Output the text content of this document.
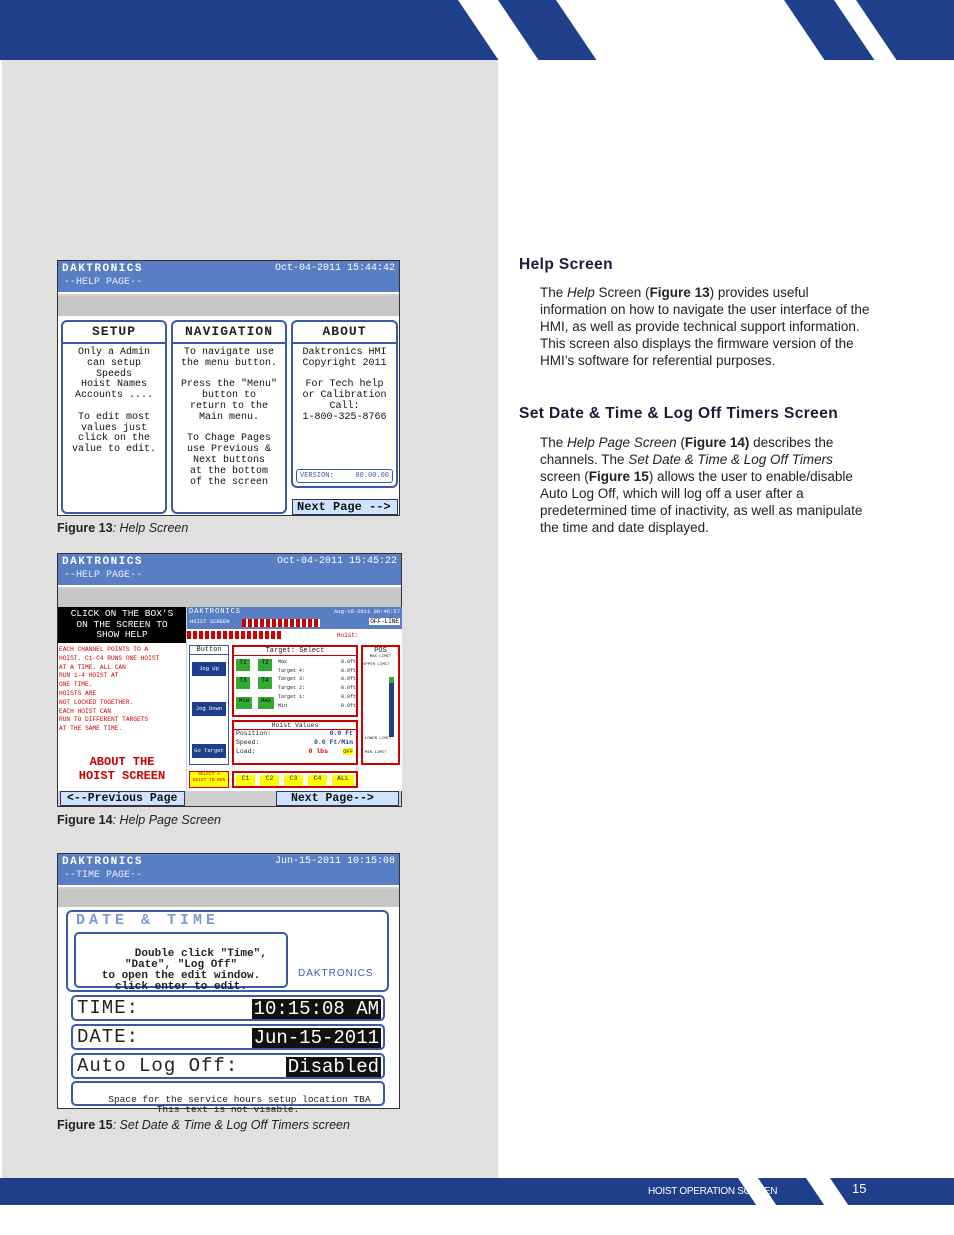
DAKTRONICS
--HELP PAGE--
Oct-04-2011 15:44:42
SETUP
Only a Admin
can setup
Speeds
Hoist Names
Accounts ....

To edit most
values just
click on the
value to edit.
NAVIGATION
To navigate use
the menu button.

Press the "Menu"
button to
return to the
Main menu.

To Chage Pages
use Previous &
Next buttons
at the bottom
of the screen
ABOUT
Daktronics HMI
Copyright 2011

For Tech help
or Calibration
Call:
1-800-325-8766
VERSION:	00.00.00
Next Page -->
Figure 13: Help Screen
DAKTRONICS
--HELP PAGE--
Oct-04-2011 15:45:22
CLICK ON THE BOX'S
ON THE SCREEN TO
SHOW HELP
EACH CHANNEL POINTS TO A
HOIST. C1-C4 RUNS ONE HOIST
AT A TIME. ALL CAN
RUN 1-4 HOIST AT
ONE TIME.
HOISTS ARE
NOT LOCKED TOGETHER.
EACH HOIST CAN
RUN TO DIFFERENT TARGETS
AT THE SAME TIME.
ABOUT THE
HOIST SCREEN
DAKTRONICS
HOIST SCREEN
Aug-16-2011 08:46:57
OFF-LINE
Hoist:
Button
Jog Up
Jog Down
Go Target
Target: Select
T1	T2
T3	T4
MIN	MAX
Max	0.0ft
Target 4:	0.0ft
Target 3:	0.0ft
Target 2:	0.0ft
Target 1:	0.0ft
Min	0.0ft
POS
MAX LIMIT
UPPER LIMIT
LOWER LIMIT
MIN LIMIT
Hoist Values
Position:	0.0 Ft
Speed:	0.0 Ft/Min
Load:	0 lbs	OFF
SELECT A
HOIST TO RUN	C1	C2	C3	C4	ALL
<--Previous Page	Next Page-->
Figure 14: Help Page Screen
DAKTRONICS
--TIME PAGE--
Jun-15-2011 10:15:08
DATE & TIME

Double click "Time",
"Date", "Log Off"
to open the edit window.
click enter to edit.

DAKTRONICS
TIME:	10:15:08 AM
DATE:	Jun-15-2011
Auto Log Off:	Disabled

Space for the service hours setup location TBA
This text is not visable.

Figure 15: Set Date & Time & Log Off Timers screen
Help Screen

The Help Screen (Figure 13) provides useful information on how to navigate the user interface of the HMI, as well as provide technical support information. This screen also displays the firmware version of the HMI’s software for referential purposes.

Set Date & Time & Log Off Timers Screen

The Help Page Screen (Figure 14) describes the channels. The Set Date & Time & Log Off Timers screen (Figure 15) allows the user to enable/disable Auto Log Off, which will log off a user after a predetermined time of inactivity, as well as manipulate the time and date displayed.

HOIST OPERATION SCREEN	15
